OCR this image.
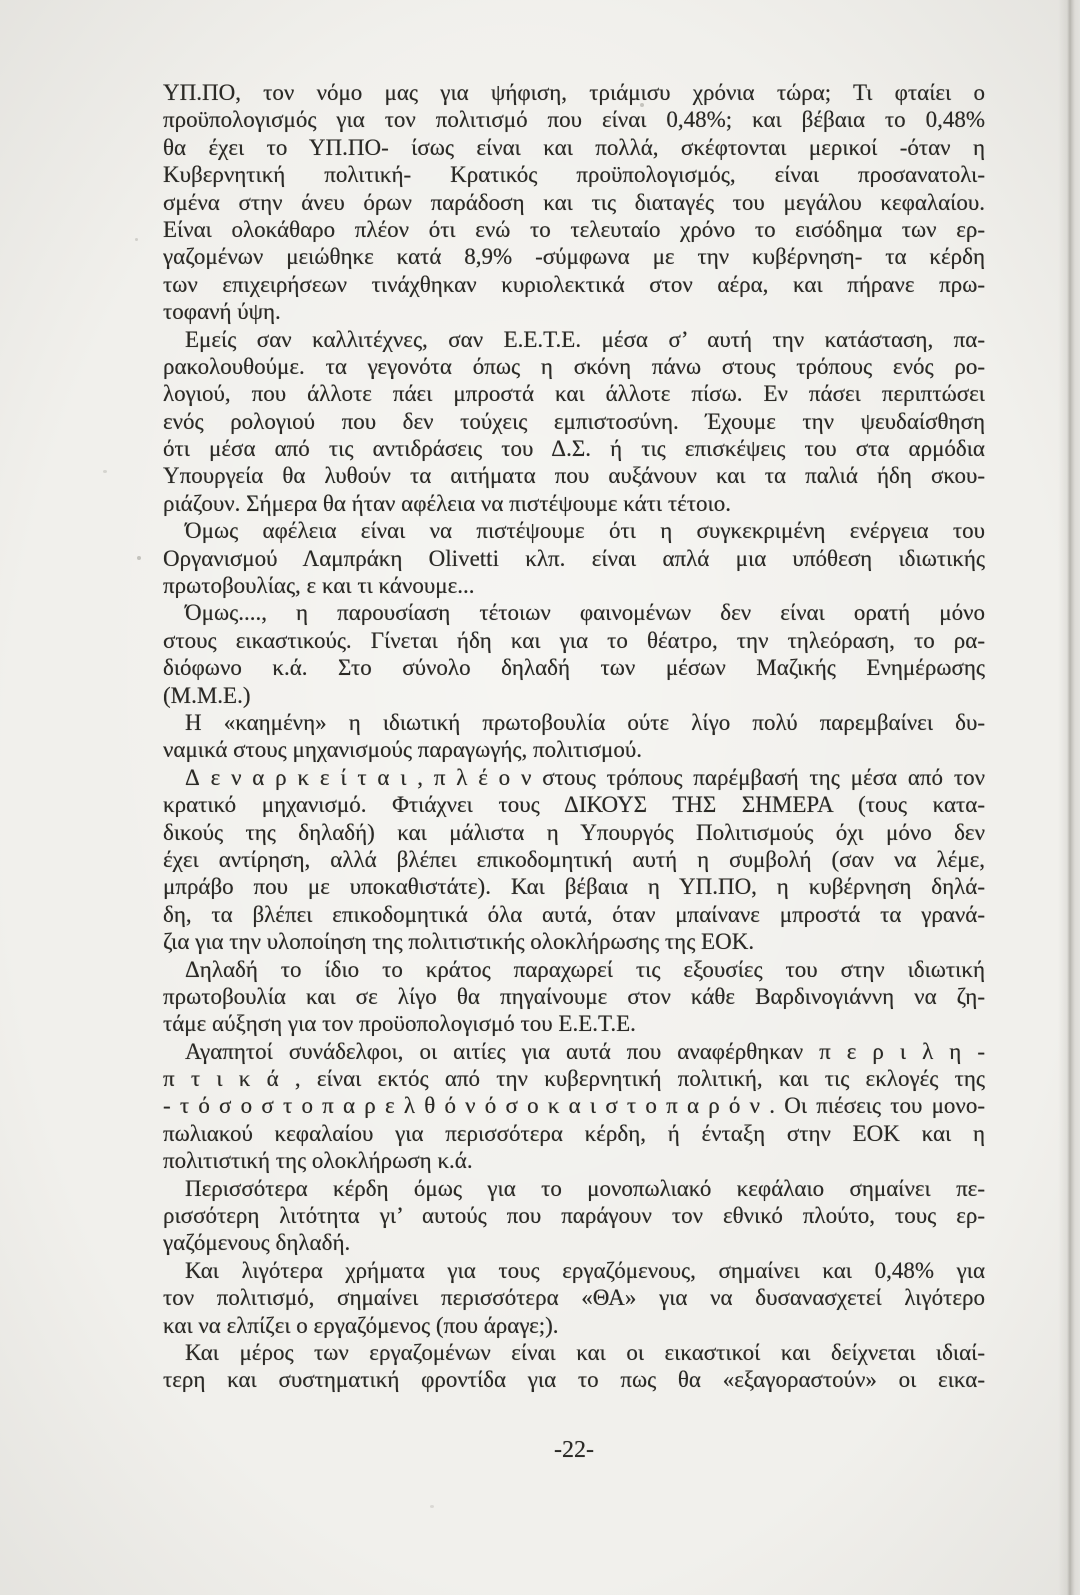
ΥΠ.ΠΟ, τον νόμο μας για ψήφιση, τριάμισυ χρόνια τώρα; Τι φταίει ο
προϋπολογισμός για τον πολιτισμό που είναι 0,48%; και βέβαια το 0,48%
θα έχει το ΥΠ.ΠΟ- ίσως είναι και πολλά, σκέφτονται μερικοί -όταν η
Κυβερνητική πολιτική- Κρατικός προϋπολογισμός, είναι προσανατολι-
σμένα στην άνευ όρων παράδοση και τις διαταγές του μεγάλου κεφαλαίου.
Είναι ολοκάθαρο πλέον ότι ενώ το τελευταίο χρόνο το εισόδημα των ερ-
γαζομένων μειώθηκε κατά 8,9% -σύμφωνα με την κυβέρνηση- τα κέρδη
των επιχειρήσεων τινάχθηκαν κυριολεκτικά στον αέρα, και πήρανε πρω-
τοφανή ύψη.
Εμείς σαν καλλιτέχνες, σαν Ε.Ε.Τ.Ε. μέσα σ’ αυτή την κατάσταση, πα-
ρακολουθούμε. τα γεγονότα όπως η σκόνη πάνω στους τρόπους ενός ρο-
λογιού, που άλλοτε πάει μπροστά και άλλοτε πίσω. Εν πάσει περιπτώσει
ενός ρολογιού που δεν τούχεις εμπιστοσύνη. Έχουμε την ψευδαίσθηση
ότι μέσα από τις αντιδράσεις του Δ.Σ. ή τις επισκέψεις του στα αρμόδια
Υπουργεία θα λυθούν τα αιτήματα που αυξάνουν και τα παλιά ήδη σκου-
ριάζουν. Σήμερα θα ήταν αφέλεια να πιστέψουμε κάτι τέτοιο.
Όμως αφέλεια είναι να πιστέψουμε ότι η συγκεκριμένη ενέργεια του
Οργανισμού Λαμπράκη Olivetti κλπ. είναι απλά μια υπόθεση ιδιωτικής
πρωτοβουλίας, ε και τι κάνουμε...
Όμως...., η παρουσίαση τέτοιων φαινομένων δεν είναι ορατή μόνο
στους εικαστικούς. Γίνεται ήδη και για το θέατρο, την τηλεόραση, το ρα-
διόφωνο κ.ά. Στο σύνολο δηλαδή των μέσων Μαζικής Ενημέρωσης
(Μ.Μ.Ε.)
Η «καημένη» η ιδιωτική πρωτοβουλία ούτε λίγο πολύ παρεμβαίνει δυ-
ναμικά στους μηχανισμούς παραγωγής, πολιτισμού.
Δ ε ν α ρ κ ε ί τ α ι , π λ έ ο ν στους τρόπους παρέμβασή της μέσα από τον
κρατικό μηχανισμό. Φτιάχνει τους ΔΙΚΟΥΣ ΤΗΣ ΣΗΜΕΡΑ (τους κατα-
δικούς της δηλαδή) και μάλιστα η Υπουργός Πολιτισμούς όχι μόνο δεν
έχει αντίρηση, αλλά βλέπει επικοδομητική αυτή η συμβολή (σαν να λέμε,
μπράβο που με υποκαθιστάτε). Και βέβαια η ΥΠ.ΠΟ, η κυβέρνηση δηλά-
δη, τα βλέπει επικοδομητικά όλα αυτά, όταν μπαίνανε μπροστά τα γρανά-
ζια για την υλοποίηση της πολιτιστικής ολοκλήρωσης της ΕΟΚ.
Δηλαδή το ίδιο το κράτος παραχωρεί τις εξουσίες του στην ιδιωτική
πρωτοβουλία και σε λίγο θα πηγαίνουμε στον κάθε Βαρδινογιάννη να ζη-
τάμε αύξηση για τον προϋοπολογισμό του Ε.Ε.Τ.Ε.
Αγαπητοί συνάδελφοι, οι αιτίες για αυτά που αναφέρθηκαν π ε ρ ι λ η -
π τ ι κ ά , είναι εκτός από την κυβερνητική πολιτική, και τις εκλογές της
- τ ό σ ο σ τ ο π α ρ ε λ θ ό ν ό σ ο κ α ι σ τ ο π α ρ ό ν . Οι πιέσεις του μονο-
πωλιακού κεφαλαίου για περισσότερα κέρδη, ή ένταξη στην ΕΟΚ και η
πολιτιστική της ολοκλήρωση κ.ά.
Περισσότερα κέρδη όμως για το μονοπωλιακό κεφάλαιο σημαίνει πε-
ρισσότερη λιτότητα γι’ αυτούς που παράγουν τον εθνικό πλούτο, τους ερ-
γαζόμενους δηλαδή.
Και λιγότερα χρήματα για τους εργαζόμενους, σημαίνει και 0,48% για
τον πολιτισμό, σημαίνει περισσότερα «ΘΑ» για να δυσανασχετεί λιγότερο
και να ελπίζει ο εργαζόμενος (που άραγε;).
Και μέρος των εργαζομένων είναι και οι εικαστικοί και δείχνεται ιδιαί-
τερη και συστηματική φροντίδα για το πως θα «εξαγοραστούν» οι εικα-
-22-
